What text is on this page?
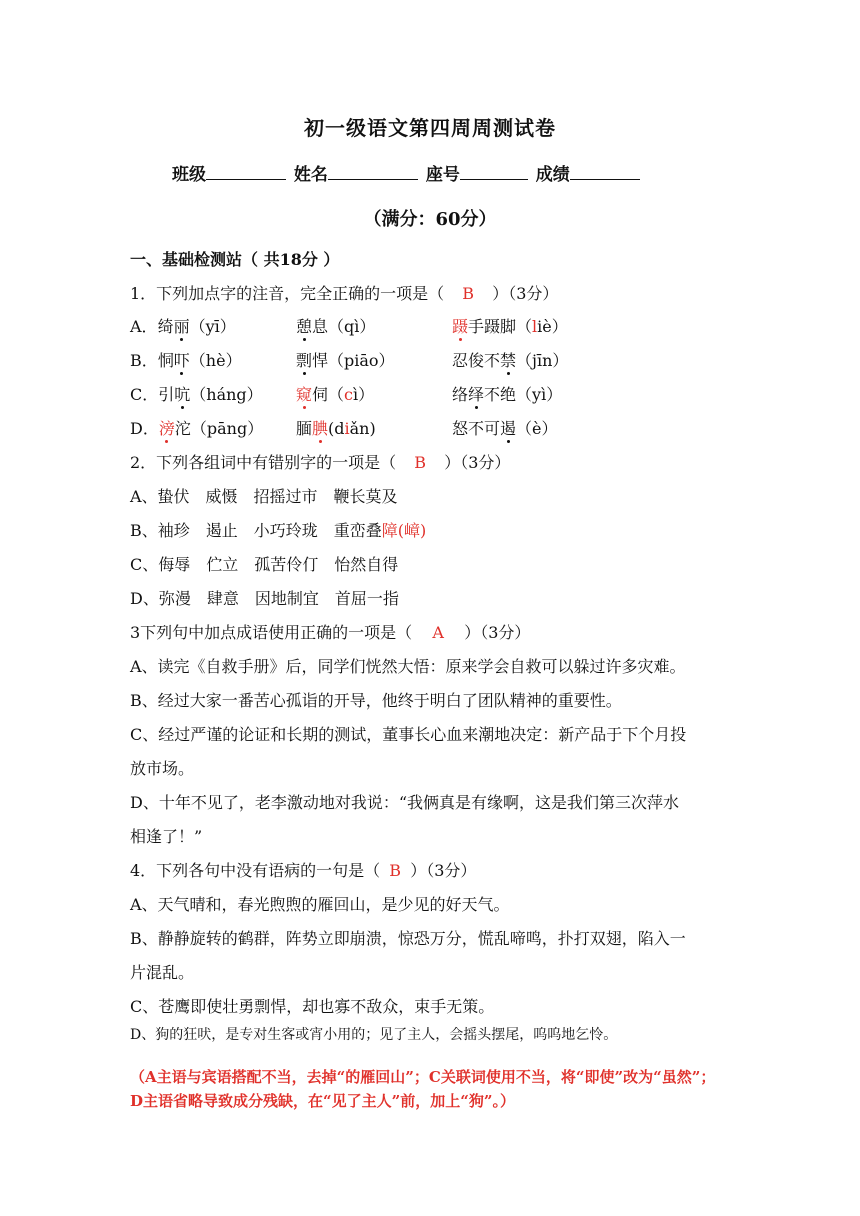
初一级语文第四周周测试卷
班级	姓名	座号	成绩
（满分：60分）
一、基础检测站（ 共18分 ）
1．下列加点字的注音，完全正确的一项是（ B ）（3分）
A．绮丽（yī）	憩息（qì）	蹑手蹑脚（liè）
B．恫吓（hè）	剽悍（piāo）	忍俊不禁（jīn）
C．引吭（háng） 窥伺（cì）	络绎不绝（yì）
D．滂沱（pāng） 腼腆(diǎn)	怒不可遏（è）
2．下列各组词中有错别字的一项是（ B ）（3分）
A、蛰伏　威慑　招摇过市　鞭长莫及
B、袖珍　遏止　小巧玲珑　重峦叠障(嶂)
C、侮辱　伫立　孤苦伶仃　怡然自得
D、弥漫　肆意　因地制宜　首屈一指
3下列句中加点成语使用正确的一项是（ A ）（3分）
A、读完《自救手册》后，同学们恍然大悟：原来学会自救可以躲过许多灾难。
B、经过大家一番苦心孤诣的开导，他终于明白了团队精神的重要性。
C、经过严谨的论证和长期的测试，董事长心血来潮地决定：新产品于下个月投
放市场。
D、十年不见了，老李激动地对我说：“我俩真是有缘啊，这是我们第三次萍水
相逢了！”
4．下列各句中没有语病的一句是（ B ）（3分）
A、天气晴和，春光煦煦的雁回山，是少见的好天气。
B、静静旋转的鹤群，阵势立即崩溃，惊恐万分，慌乱啼鸣，扑打双翅，陷入一
片混乱。
C、苍鹰即使壮勇剽悍，却也寡不敌众，束手无策。
D、狗的狂吠，是专对生客或宵小用的；见了主人，会摇头摆尾，呜呜地乞怜。
（A主语与宾语搭配不当，去掉“的雁回山”；C关联词使用不当，将“即使”改为“虽然”；
D主语省略导致成分残缺，在“见了主人”前，加上“狗”。）
